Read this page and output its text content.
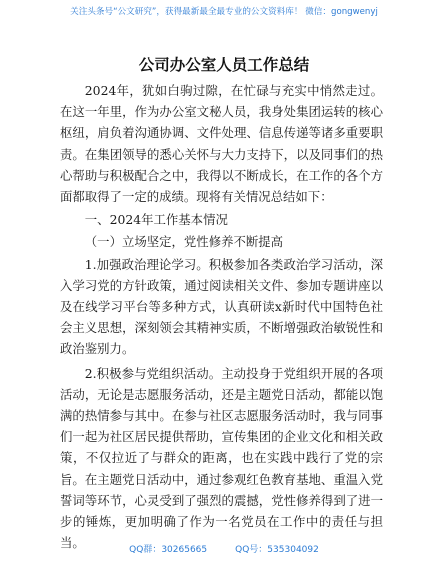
关注头条号“公文研究”，获得最新最全最专业的公文资料库！ 微信：gongwenyj
公司办公室人员工作总结

2024年，犹如白驹过隙，在忙碌与充实中悄然走过。在这一年里，作为办公室文秘人员，我身处集团运转的核心枢纽，肩负着沟通协调、文件处理、信息传递等诸多重要职责。在集团领导的悉心关怀与大力支持下，以及同事们的热心帮助与积极配合之中，我得以不断成长，在工作的各个方面都取得了一定的成绩。现将有关情况总结如下：

一、2024年工作基本情况

（一）立场坚定，党性修养不断提高

1.加强政治理论学习。积极参加各类政治学习活动，深入学习党的方针政策，通过阅读相关文件、参加专题讲座以及在线学习平台等多种方式，认真研读x新时代中国特色社会主义思想，深刻领会其精神实质，不断增强政治敏锐性和政治鉴别力。

2.积极参与党组织活动。主动投身于党组织开展的各项活动，无论是志愿服务活动，还是主题党日活动，都能以饱满的热情参与其中。在参与社区志愿服务活动时，我与同事们一起为社区居民提供帮助，宣传集团的企业文化和相关政策，不仅拉近了与群众的距离，也在实践中践行了党的宗旨。在主题党日活动中，通过参观红色教育基地、重温入党誓词等环节，心灵受到了强烈的震撼，党性修养得到了进一步的锤炼，更加明确了作为一名党员在工作中的责任与担当。	QQ群：30265665	QQ号：535304092
